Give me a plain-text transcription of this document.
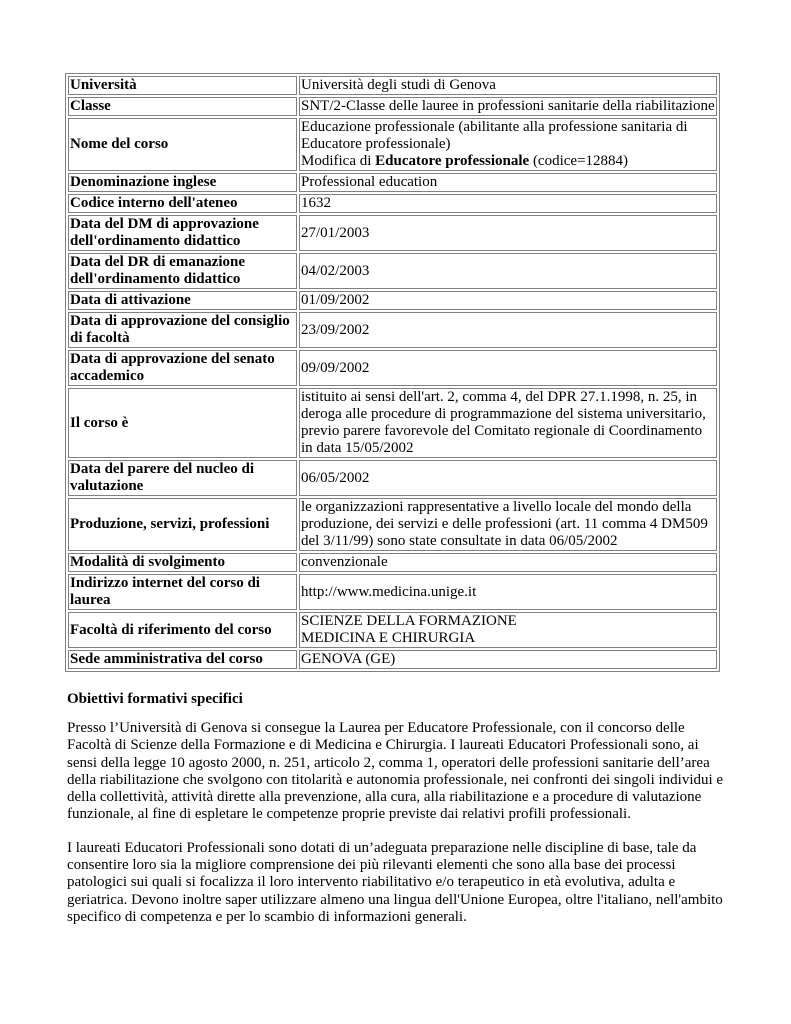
Università	Università degli studi di Genova

Classe	SNT/2-Classe delle lauree in professioni sanitarie della riabilitazione

Nome del corso	Educazione professionale (abilitante alla professione sanitaria di Educatore professionale)
Modifica di Educatore professionale (codice=12884)

Denominazione inglese	Professional education

Codice interno dell'ateneo	1632

Data del DM di approvazione dell'ordinamento didattico	27/01/2003

Data del DR di emanazione dell'ordinamento didattico	04/02/2003

Data di attivazione	01/09/2002

Data di approvazione del consiglio di facoltà	23/09/2002

Data di approvazione del senato accademico	09/09/2002

Il corso è	istituito ai sensi dell'art. 2, comma 4, del DPR 27.1.1998, n. 25, in deroga alle procedure di programmazione del sistema universitario, previo parere favorevole del Comitato regionale di Coordinamento in data 15/05/2002

Data del parere del nucleo di valutazione	06/05/2002

Produzione, servizi, professioni	le organizzazioni rappresentative a livello locale del mondo della produzione, dei servizi e delle professioni (art. 11 comma 4 DM509 del 3/11/99) sono state consultate in data 06/05/2002

Modalità di svolgimento	convenzionale

Indirizzo internet del corso di laurea	http://www.medicina.unige.it

Facoltà di riferimento del corso	SCIENZE DELLA FORMAZIONE
MEDICINA E CHIRURGIA

Sede amministrativa del corso	GENOVA (GE)
Obiettivi formativi specifici

Presso l’Università di Genova si consegue la Laurea per Educatore Professionale, con il concorso delle Facoltà di Scienze della Formazione e di Medicina e Chirurgia. I laureati Educatori Professionali sono, ai sensi della legge 10 agosto 2000, n. 251, articolo 2, comma 1, operatori delle professioni sanitarie dell’area della riabilitazione che svolgono con titolarità e autonomia professionale, nei confronti dei singoli individui e della collettività, attività dirette alla prevenzione, alla cura, alla riabilitazione e a procedure di valutazione funzionale, al fine di espletare le competenze proprie previste dai relativi profili professionali.

I laureati Educatori Professionali sono dotati di un’adeguata preparazione nelle discipline di base, tale da consentire loro sia la migliore comprensione dei più rilevanti elementi che sono alla base dei processi patologici sui quali si focalizza il loro intervento riabilitativo e/o terapeutico in età evolutiva, adulta e geriatrica. Devono inoltre saper utilizzare almeno una lingua dell'Unione Europea, oltre l'italiano, nell'ambito specifico di competenza e per lo scambio di informazioni generali.
